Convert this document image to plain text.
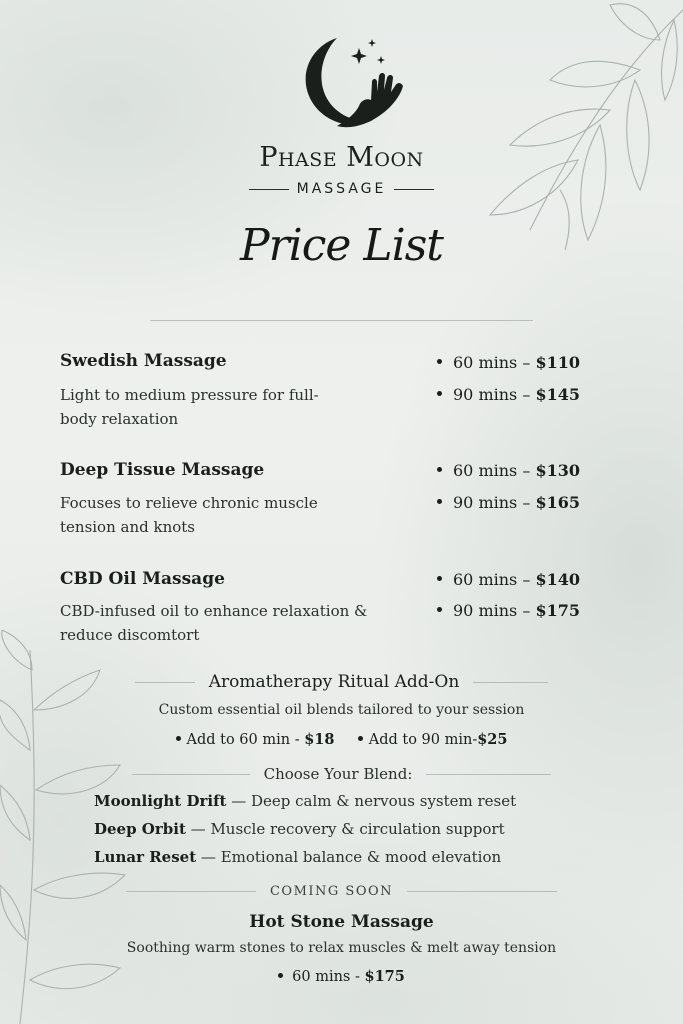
Phase Moon
MASSAGE
Price List
Swedish Massage
Light to medium pressure for full-body relaxation
60 mins – $110
90 mins – $145
Deep Tissue Massage
Focuses to relieve chronic muscle tension and knots
60 mins – $130
90 mins – $165
CBD Oil Massage
CBD-infused oil to enhance relaxation & reduce discomtort
60 mins – $140
90 mins – $175
Aromatherapy Ritual Add-On
Custom essential oil blends tailored to your session
Add to 60 min - $18 Add to 90 min-$25
Choose Your Blend:
Moonlight Drift — Deep calm & nervous system reset
Deep Orbit — Muscle recovery & circulation support
Lunar Reset — Emotional balance & mood elevation
COMING SOON
Hot Stone Massage
Soothing warm stones to relax muscles & melt away tension
60 mins - $175
